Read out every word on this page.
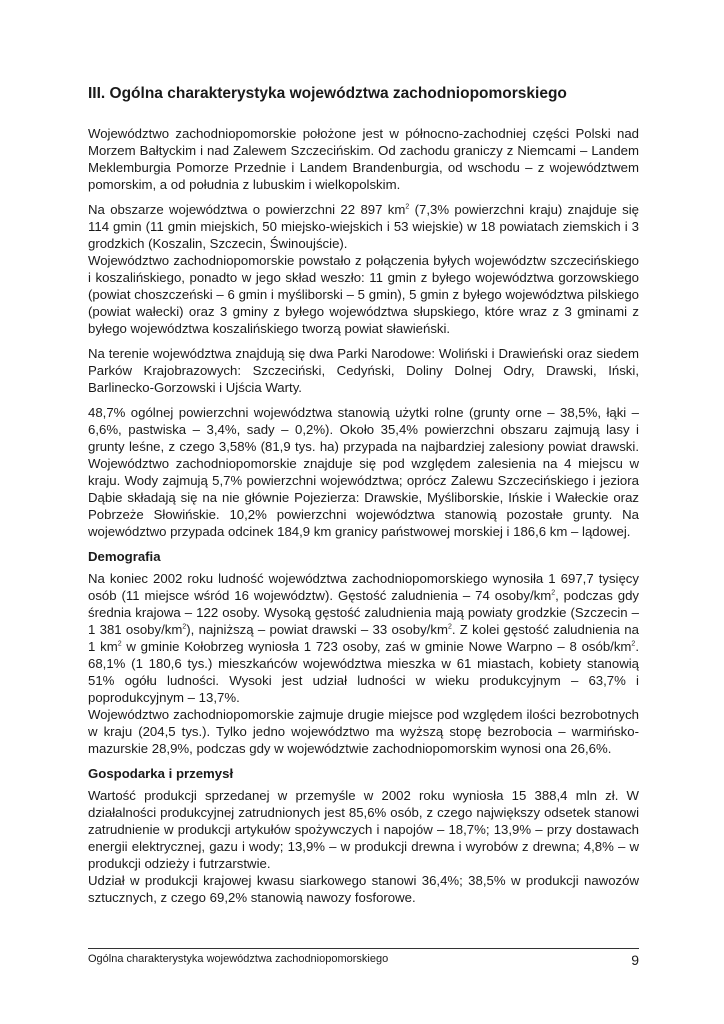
III. Ogólna charakterystyka województwa zachodniopomorskiego

Województwo zachodniopomorskie położone jest w północno-zachodniej części Polski nad Morzem Bałtyckim i nad Zalewem Szczecińskim. Od zachodu graniczy z Niemcami – Landem Meklemburgia Pomorze Przednie i Landem Brandenburgia, od wschodu – z województwem pomorskim, a od południa z lubuskim i wielkopolskim.

Na obszarze województwa o powierzchni 22 897 $km^2$ (7,3% powierzchni kraju) znajduje się 114 gmin (11 gmin miejskich, 50 miejsko-wiejskich i 53 wiejskie) w 18 powiatach ziemskich i 3 grodzkich (Koszalin, Szczecin, Świnoujście).

Województwo zachodniopomorskie powstało z połączenia byłych województw szczecińskiego i koszalińskiego, ponadto w jego skład weszło: 11 gmin z byłego województwa gorzowskiego (powiat choszczeński – 6 gmin i myśliborski – 5 gmin), 5 gmin z byłego województwa pilskiego (powiat wałecki) oraz 3 gminy z byłego województwa słupskiego, które wraz z 3 gminami z byłego województwa koszalińskiego tworzą powiat sławieński.

Na terenie województwa znajdują się dwa Parki Narodowe: Woliński i Drawieński oraz siedem Parków Krajobrazowych: Szczeciński, Cedyński, Doliny Dolnej Odry, Drawski, Iński, Barlinecko-Gorzowski i Ujścia Warty.

48,7% ogólnej powierzchni województwa stanowią użytki rolne (grunty orne – 38,5%, łąki – 6,6%, pastwiska – 3,4%, sady – 0,2%). Około 35,4% powierzchni obszaru zajmują lasy i grunty leśne, z czego 3,58% (81,9 tys. ha) przypada na najbardziej zalesiony powiat drawski. Województwo zachodniopomorskie znajduje się pod względem zalesienia na 4 miejscu w kraju. Wody zajmują 5,7% powierzchni województwa; oprócz Zalewu Szczecińskiego i jeziora Dąbie składają się na nie głównie Pojezierza: Drawskie, Myśliborskie, Ińskie i Wałeckie oraz Pobrzeże Słowińskie. 10,2% powierzchni województwa stanowią pozostałe grunty. Na województwo przypada odcinek 184,9 km granicy państwowej morskiej i 186,6 km – lądowej.

Demografia

Na koniec 2002 roku ludność województwa zachodniopomorskiego wynosiła 1 697,7 tysięcy osób (11 miejsce wśród 16 województw). Gęstość zaludnienia – 74 osoby/$km^2$, podczas gdy średnia krajowa – 122 osoby. Wysoką gęstość zaludnienia mają powiaty grodzkie (Szczecin – 1 381 osoby/$km^2$), najniższą – powiat drawski – 33 osoby/$km^2$. Z kolei gęstość zaludnienia na 1 $km^2$ w gminie Kołobrzeg wyniosła 1 723 osoby, zaś w gminie Nowe Warpno – 8 osób/$km^2$. 68,1% (1 180,6 tys.) mieszkańców województwa mieszka w 61 miastach, kobiety stanowią 51% ogółu ludności. Wysoki jest udział ludności w wieku produkcyjnym – 63,7% i poprodukcyjnym – 13,7%.

Województwo zachodniopomorskie zajmuje drugie miejsce pod względem ilości bezrobotnych w kraju (204,5 tys.). Tylko jedno województwo ma wyższą stopę bezrobocia – warmińsko-mazurskie 28,9%, podczas gdy w województwie zachodniopomorskim wynosi ona 26,6%.

Gospodarka i przemysł

Wartość produkcji sprzedanej w przemyśle w 2002 roku wyniosła 15 388,4 mln zł. W działalności produkcyjnej zatrudnionych jest 85,6% osób, z czego największy odsetek stanowi zatrudnienie w produkcji artykułów spożywczych i napojów – 18,7%; 13,9% – przy dostawach energii elektrycznej, gazu i wody; 13,9% – w produkcji drewna i wyrobów z drewna; 4,8% – w produkcji odzieży i futrzarstwie.

Udział w produkcji krajowej kwasu siarkowego stanowi 36,4%; 38,5% w produkcji nawozów sztucznych, z czego 69,2% stanowią nawozy fosforowe.

Ogólna charakterystyka województwa zachodniopomorskiego	9
